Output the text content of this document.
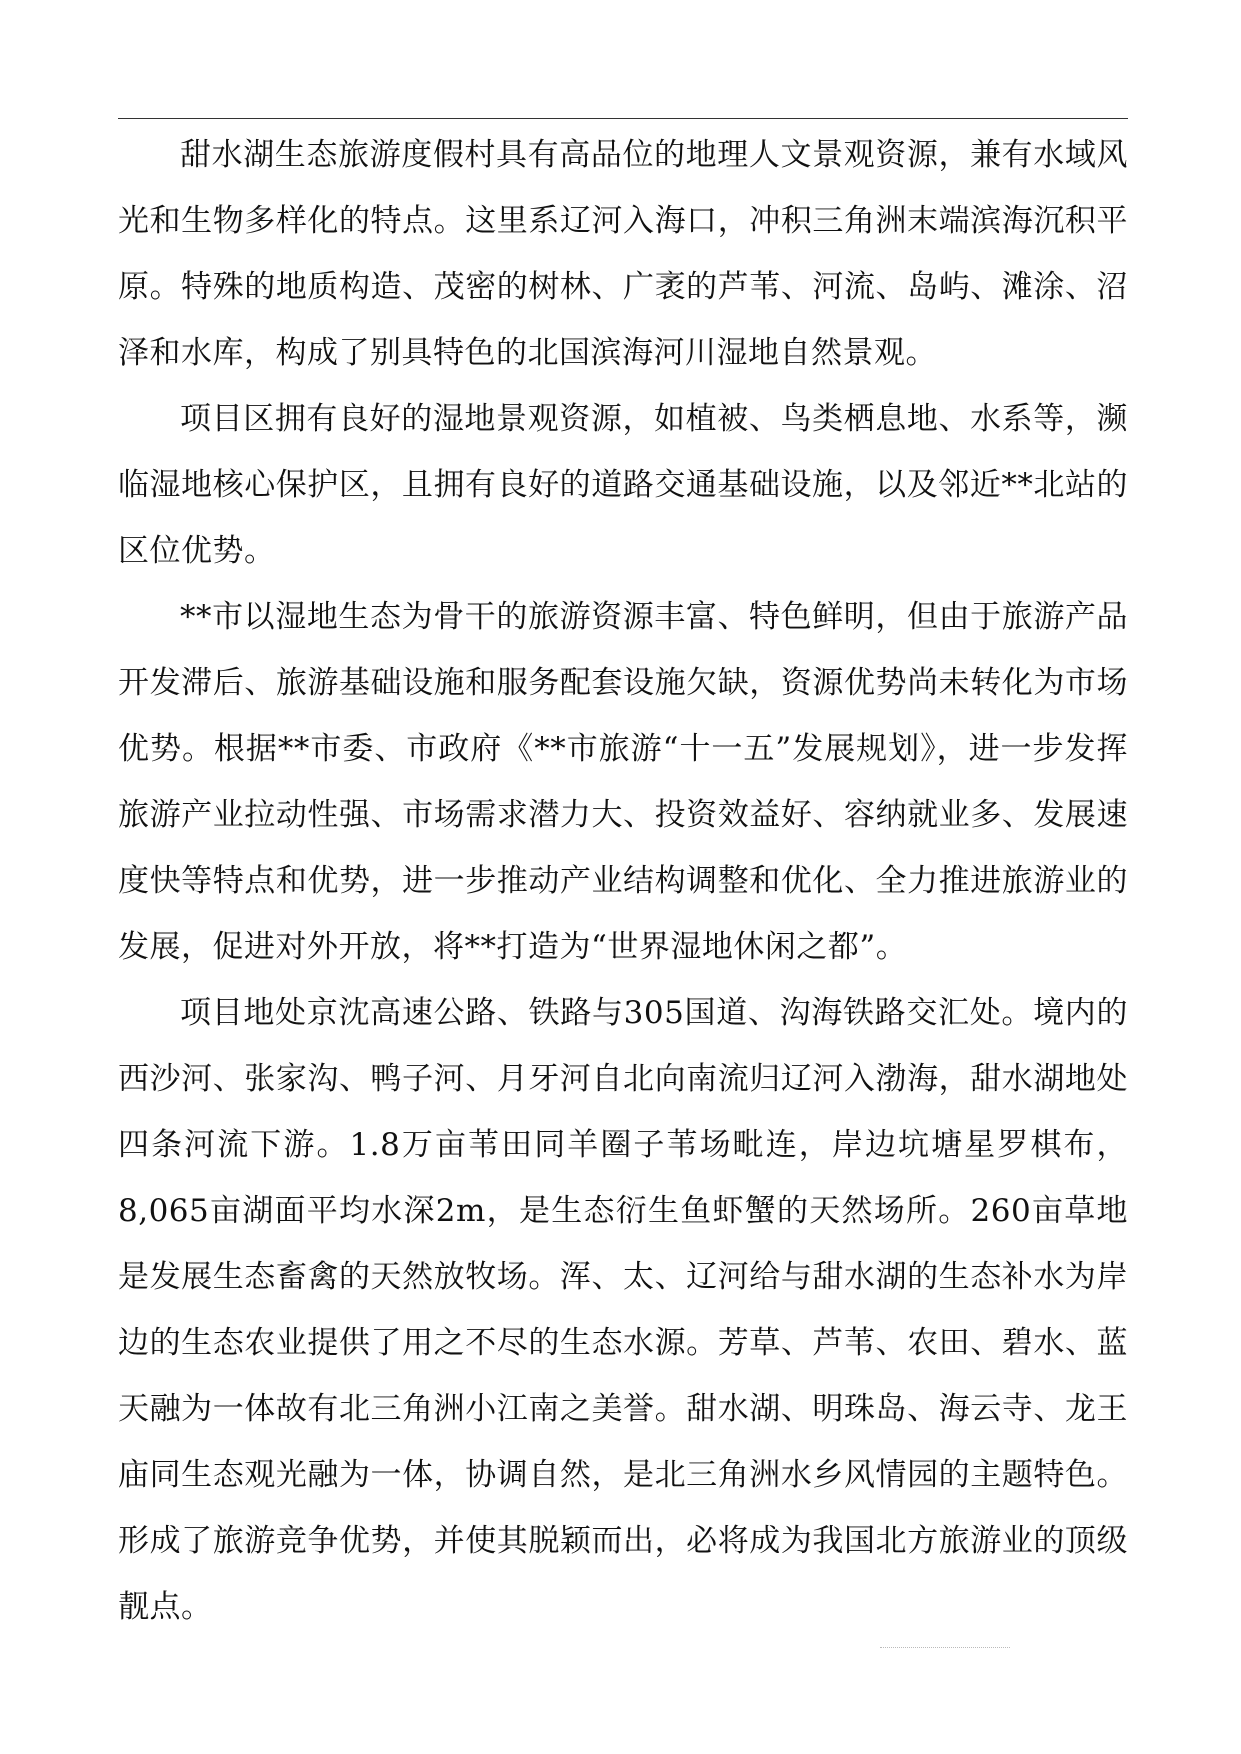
甜水湖生态旅游度假村具有高品位的地理人文景观资源，兼有水域风光和生物多样化的特点。这里系辽河入海口，冲积三角洲末端滨海沉积平原。特殊的地质构造、茂密的树林、广袤的芦苇、河流、岛屿、滩涂、沼泽和水库，构成了别具特色的北国滨海河川湿地自然景观。

项目区拥有良好的湿地景观资源，如植被、鸟类栖息地、水系等，濒临湿地核心保护区，且拥有良好的道路交通基础设施，以及邻近**北站的区位优势。

**市以湿地生态为骨干的旅游资源丰富、特色鲜明，但由于旅游产品开发滞后、旅游基础设施和服务配套设施欠缺，资源优势尚未转化为市场优势。根据**市委、市政府《**市旅游“十一五”发展规划》，进一步发挥旅游产业拉动性强、市场需求潜力大、投资效益好、容纳就业多、发展速度快等特点和优势，进一步推动产业结构调整和优化、全力推进旅游业的发展，促进对外开放，将**打造为“世界湿地休闲之都”。

项目地处京沈高速公路、铁路与305国道、沟海铁路交汇处。境内的西沙河、张家沟、鸭子河、月牙河自北向南流归辽河入渤海，甜水湖地处四条河流下游。1.8万亩苇田同羊圈子苇场毗连，岸边坑塘星罗棋布，8,065亩湖面平均水深2m，是生态衍生鱼虾蟹的天然场所。260亩草地是发展生态畜禽的天然放牧场。浑、太、辽河给与甜水湖的生态补水为岸边的生态农业提供了用之不尽的生态水源。芳草、芦苇、农田、碧水、蓝天融为一体故有北三角洲小江南之美誉。甜水湖、明珠岛、海云寺、龙王庙同生态观光融为一体，协调自然，是北三角洲水乡风情园的主题特色。形成了旅游竞争优势，并使其脱颖而出，必将成为我国北方旅游业的顶级靓点。
